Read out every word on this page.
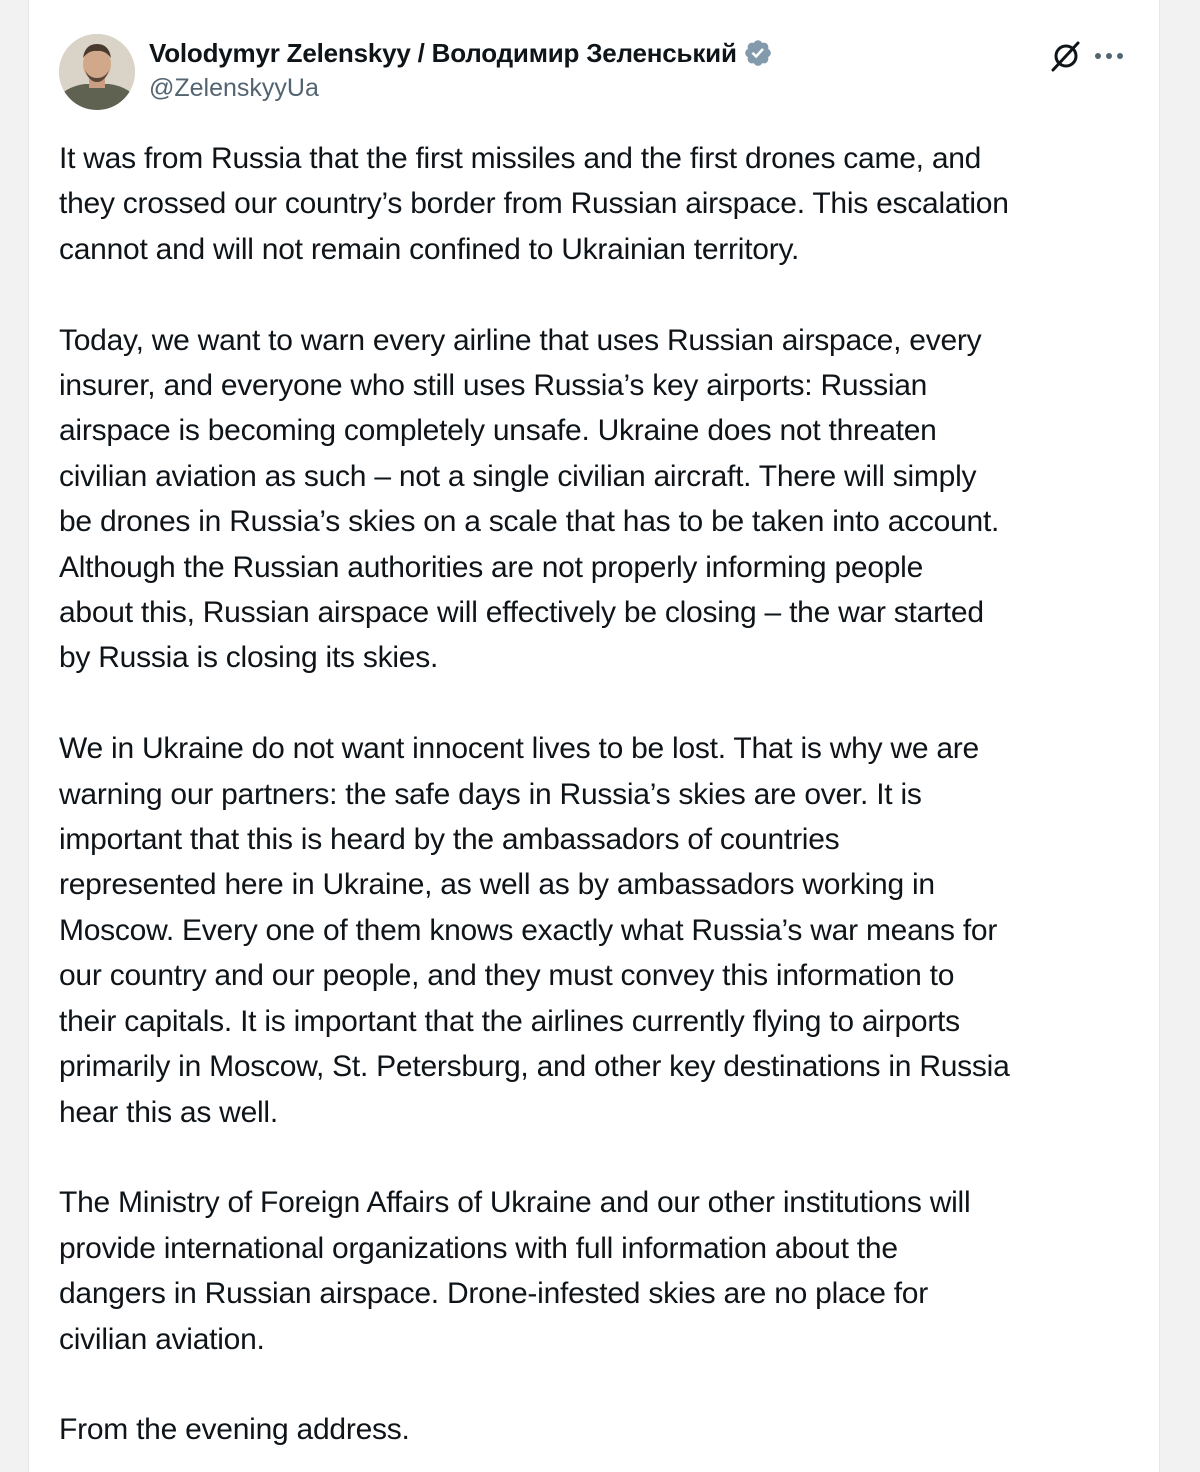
Volodymyr Zelenskyy / Володимир Зеленський
@ZelenskyyUa

It was from Russia that the first missiles and the first drones came, and
they crossed our country’s border from Russian airspace. This escalation
cannot and will not remain confined to Ukrainian territory.

Today, we want to warn every airline that uses Russian airspace, every
insurer, and everyone who still uses Russia’s key airports: Russian
airspace is becoming completely unsafe. Ukraine does not threaten
civilian aviation as such – not a single civilian aircraft. There will simply
be drones in Russia’s skies on a scale that has to be taken into account.
Although the Russian authorities are not properly informing people
about this, Russian airspace will effectively be closing – the war started
by Russia is closing its skies.

We in Ukraine do not want innocent lives to be lost. That is why we are
warning our partners: the safe days in Russia’s skies are over. It is
important that this is heard by the ambassadors of countries
represented here in Ukraine, as well as by ambassadors working in
Moscow. Every one of them knows exactly what Russia’s war means for
our country and our people, and they must convey this information to
their capitals. It is important that the airlines currently flying to airports
primarily in Moscow, St. Petersburg, and other key destinations in Russia
hear this as well.

The Ministry of Foreign Affairs of Ukraine and our other institutions will
provide international organizations with full information about the
dangers in Russian airspace. Drone-infested skies are no place for
civilian aviation.

From the evening address.
